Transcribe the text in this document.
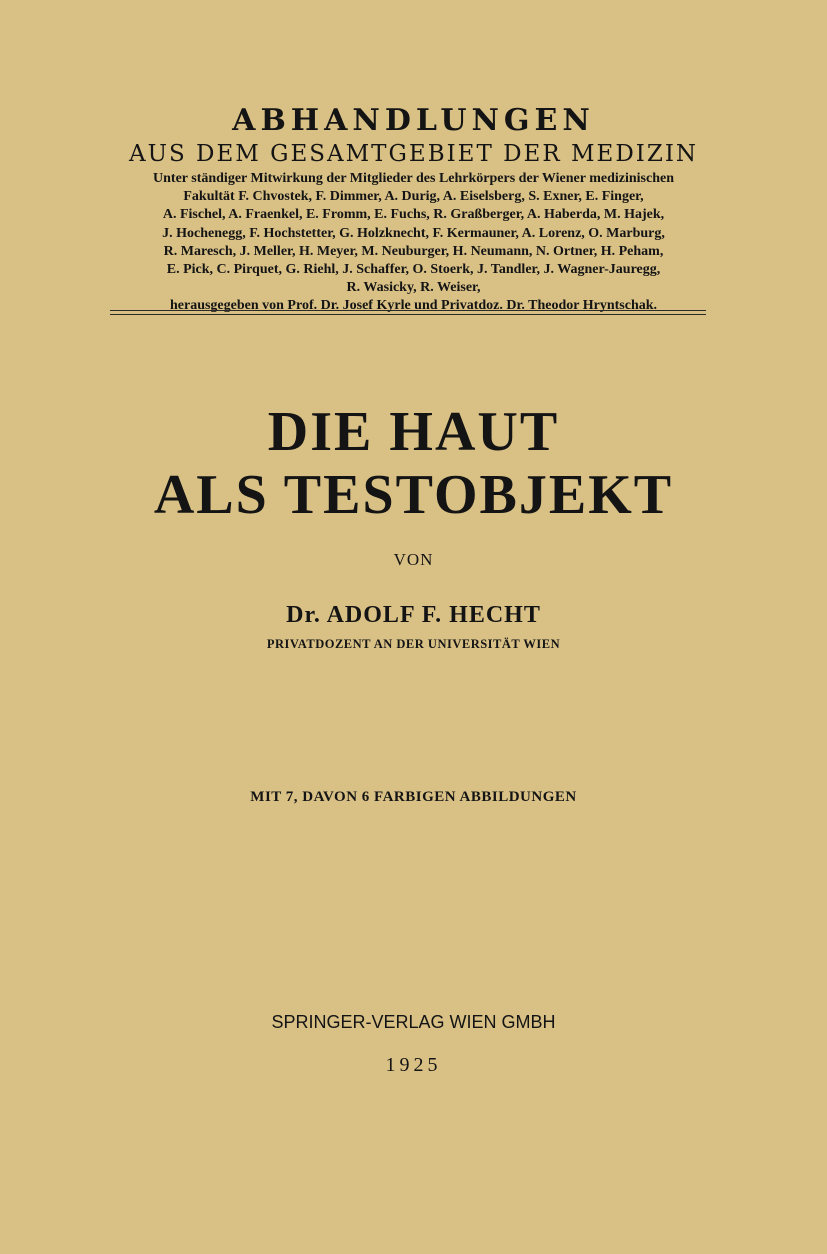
ABHANDLUNGEN
AUS DEM GESAMTGEBIET DER MEDIZIN
Unter ständiger Mitwirkung der Mitglieder des Lehrkörpers der Wiener medizinischen
Fakultät F. Chvostek, F. Dimmer, A. Durig, A. Eiselsberg, S. Exner, E. Finger,
A. Fischel, A. Fraenkel, E. Fromm, E. Fuchs, R. Graßberger, A. Haberda, M. Hajek,
J. Hochenegg, F. Hochstetter, G. Holzknecht, F. Kermauner, A. Lorenz, O. Marburg,
R. Maresch, J. Meller, H. Meyer, M. Neuburger, H. Neumann, N. Ortner, H. Peham,
E. Pick, C. Pirquet, G. Riehl, J. Schaffer, O. Stoerk, J. Tandler, J. Wagner-Jauregg,
R. Wasicky, R. Weiser,
herausgegeben von Prof. Dr. Josef Kyrle und Privatdoz. Dr. Theodor Hryntschak.
DIE HAUT
ALS TESTOBJEKT
VON
Dr. ADOLF F. HECHT
PRIVATDOZENT AN DER UNIVERSITÄT WIEN
MIT 7, DAVON 6 FARBIGEN ABBILDUNGEN
SPRINGER-VERLAG WIEN GMBH
1925
